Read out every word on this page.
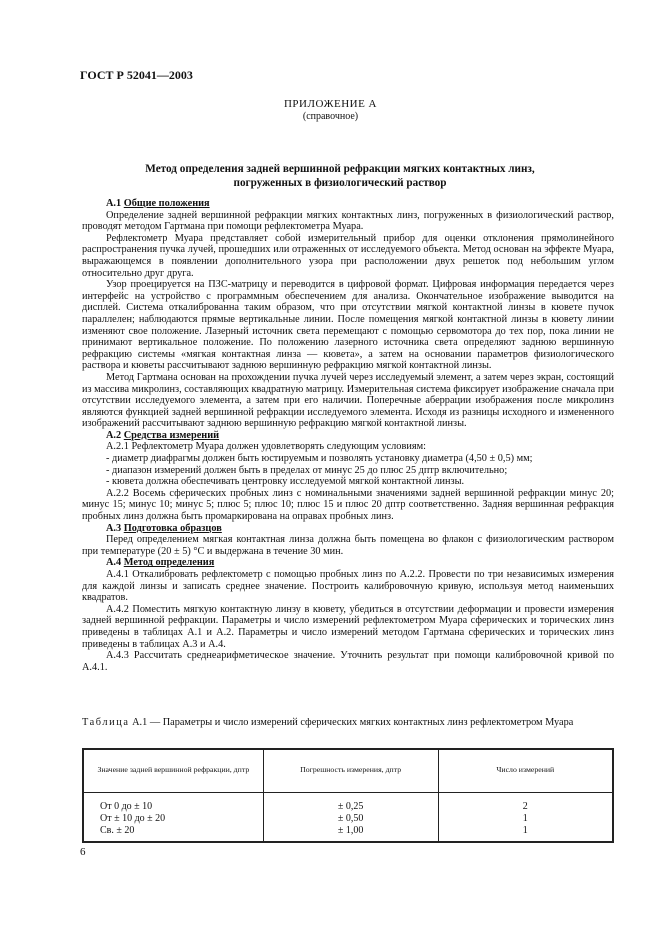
ГОСТ Р 52041—2003
ПРИЛОЖЕНИЕ А
(справочное)
Метод определения задней вершинной рефракции мягких контактных линз,
погруженных в физиологический раствор

А.1 Общие положения

Определение задней вершинной рефракции мягких контактных линз, погруженных в физиологический раствор, проводят методом Гартмана при помощи рефлектометра Муара.

Рефлектометр Муара представляет собой измерительный прибор для оценки отклонения прямолинейного распространения пучка лучей, прошедших или отраженных от исследуемого объекта. Метод основан на эффекте Муара, выражающемся в появлении дополнительного узора при расположении двух решеток под небольшим углом относительно друг друга.

Узор проецируется на ПЗС-матрицу и переводится в цифровой формат. Цифровая информация передается через интерфейс на устройство с программным обеспечением для анализа. Окончательное изображение выводится на дисплей. Система откалиброванна таким образом, что при отсутствии мягкой контактной линзы в кювете пучок параллелен; наблюдаются прямые вертикальные линии. После помещения мягкой контактной линзы в кювету линии изменяют свое положение. Лазерный источник света перемещают с помощью сервомотора до тех пор, пока линии не принимают вертикальное положение. По положению лазерного источника света определяют заднюю вершинную рефракцию системы «мягкая контактная линза — кювета», а затем на основании параметров физиологического раствора и кюветы рассчитывают заднюю вершинную рефракцию мягкой контактной линзы.

Метод Гартмана основан на прохождении пучка лучей через исследуемый элемент, а затем через экран, состоящий из массива микролинз, составляющих квадратную матрицу. Измерительная система фиксирует изображение сначала при отсутствии исследуемого элемента, а затем при его наличии. Поперечные аберрации изображения после микролинз являются функцией задней вершинной рефракции исследуемого элемента. Исходя из разницы исходного и измененного изображений рассчитывают заднюю вершинную рефракцию мягкой контактной линзы.

А.2 Средства измерений

А.2.1 Рефлектометр Муара должен удовлетворять следующим условиям:

- диаметр диафрагмы должен быть юстируемым и позволять установку диаметра (4,50 ± 0,5) мм;

- диапазон измерений должен быть в пределах от минус 25 до плюс 25 дптр включительно;

- кювета должна обеспечивать центровку исследуемой мягкой контактной линзы.

А.2.2 Восемь сферических пробных линз с номинальными значениями задней вершинной рефракции минус 20; минус 15; минус 10; минус 5; плюс 5; плюс 10; плюс 15 и плюс 20 дптр соответственно. Задняя вершинная рефракция пробных линз должна быть промаркирована на оправах пробных линз.

А.3 Подготовка образцов

Перед определением мягкая контактная линза должна быть помещена во флакон с физиологическим раствором при температуре (20 ± 5) °С и выдержана в течение 30 мин.

А.4 Метод определения

А.4.1 Откалибровать рефлектометр с помощью пробных линз по А.2.2. Провести по три независимых измерения для каждой линзы и записать среднее значение. Построить калибровочную кривую, используя метод наименьших квадратов.

А.4.2 Поместить мягкую контактную линзу в кювету, убедиться в отсутствии деформации и провести измерения задней вершинной рефракции. Параметры и число измерений рефлектометром Муара сферических и торических линз приведены в таблицах А.1 и А.2. Параметры и число измерений методом Гартмана сферических и торических линз приведены в таблицах А.3 и А.4.

А.4.3 Рассчитать среднеарифметическое значение. Уточнить результат при помощи калибровочной кривой по А.4.1.

Таблица А.1 — Параметры и число измерений сферических мягких контактных линз рефлектометром Муара
Значение задней вершинной рефракции, дптр	Погрешность измерения, дптр	Число измерений
От 0 до ± 10	± 0,25	2
От ± 10 до ± 20	± 0,50	1
Св. ± 20	± 1,00	1
6
